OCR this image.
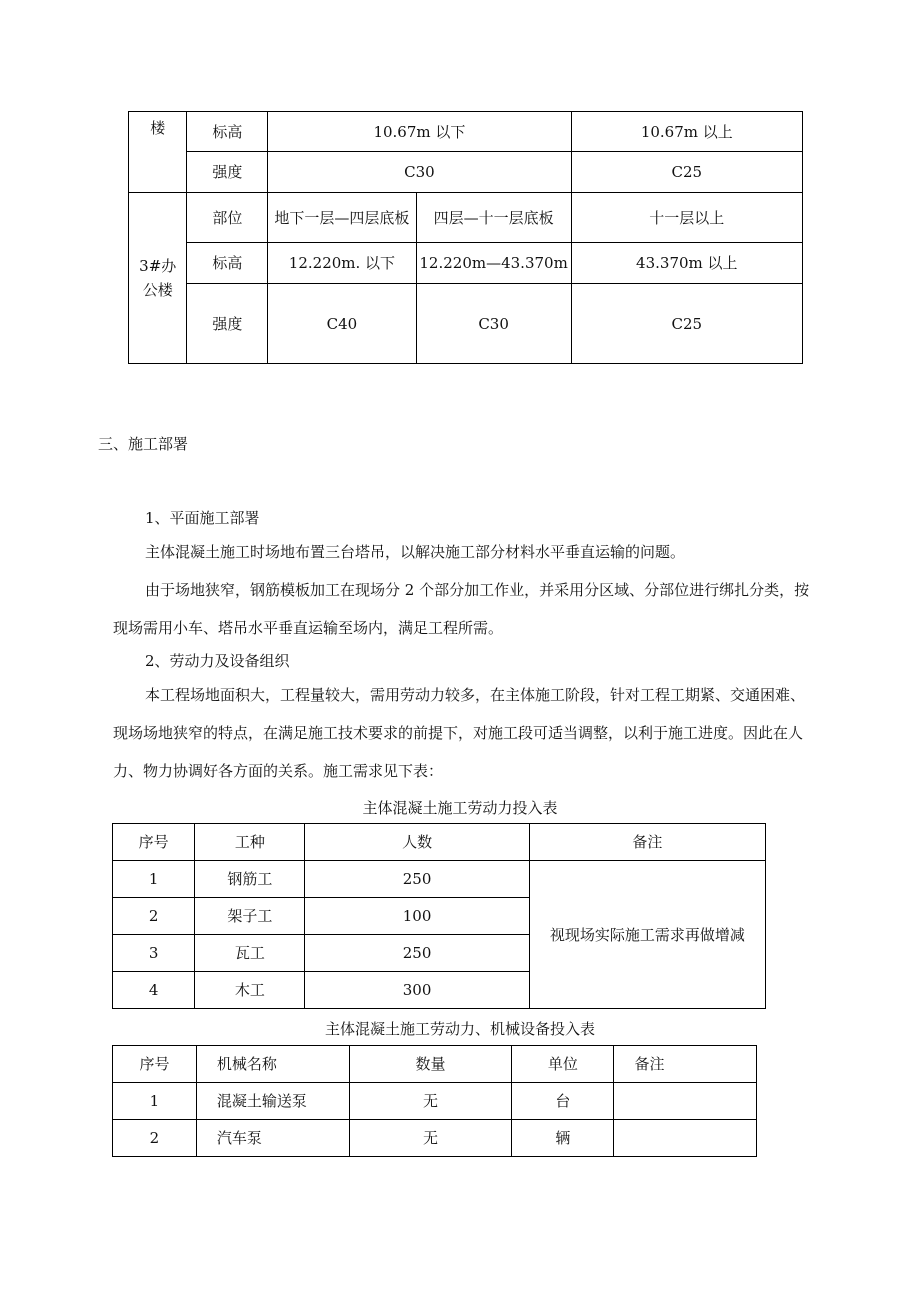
楼	标高	10.67m 以下		10.67m 以上
	强度	C30		C25
3#办公楼	部位	地下一层—四层底板	四层—十一层底板	十一层以上
	标高	12.220m. 以下	12.220m—43.370m	43.370m 以上
	强度	C40	C30	C25
三、施工部署
1、平面施工部署
主体混凝土施工时场地布置三台塔吊，以解决施工部分材料水平垂直运输的问题。
由于场地狭窄，钢筋模板加工在现场分 2 个部分加工作业，并采用分区域、分部位进行绑扎分类，按现场需用小车、塔吊水平垂直运输至场内，满足工程所需。
2、劳动力及设备组织
本工程场地面积大，工程量较大，需用劳动力较多，在主体施工阶段，针对工程工期紧、交通困难、现场场地狭窄的特点，在满足施工技术要求的前提下，对施工段可适当调整，以利于施工进度。因此在人力、物力协调好各方面的关系。施工需求见下表：
主体混凝土施工劳动力投入表
序号	工种	人数	备注
1	钢筋工	250	视现场实际施工需求再做增减
2	架子工	100	
3	瓦工	250	
4	木工	300	
主体混凝土施工劳动力、机械设备投入表
序号	机械名称	数量	单位	备注
1	混凝土输送泵	无	台	
2	汽车泵	无	辆	
